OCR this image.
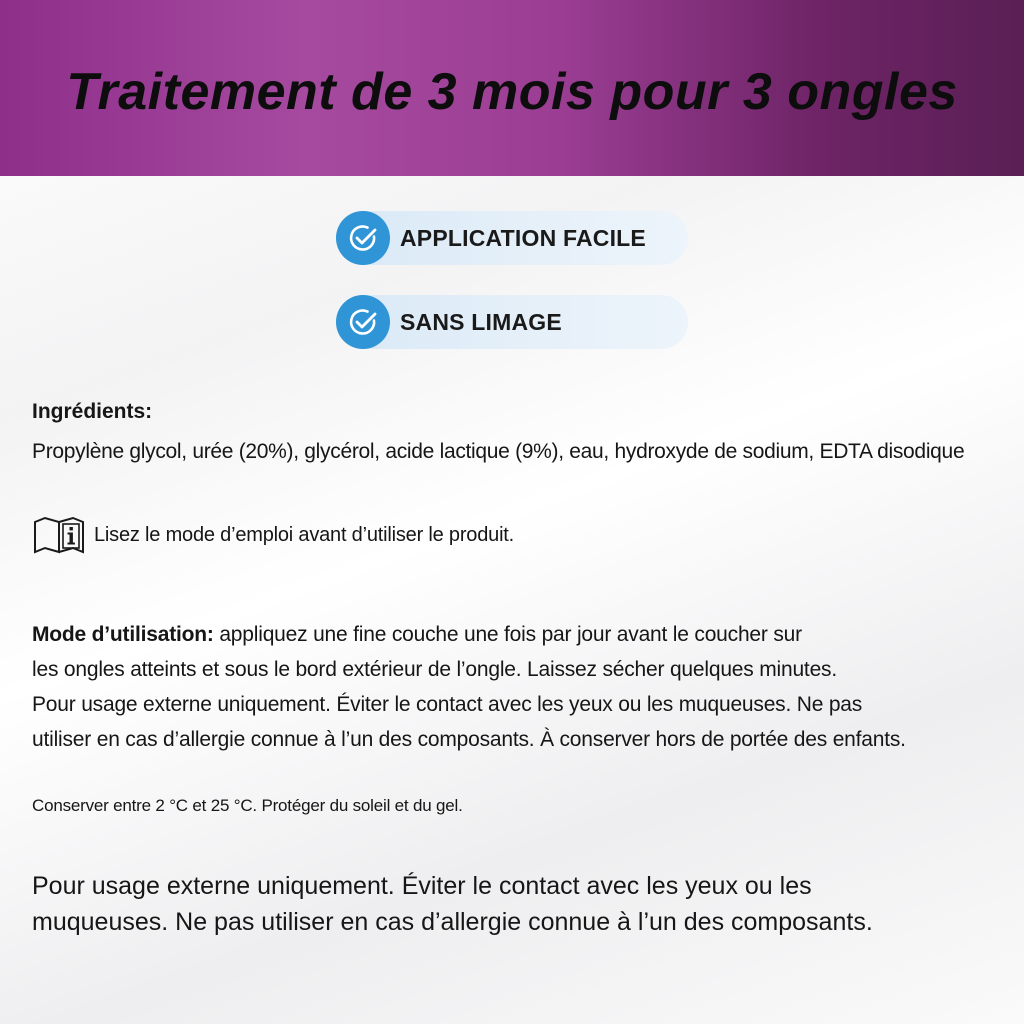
Traitement de 3 mois pour 3 ongles
APPLICATION FACILE
SANS LIMAGE
Ingrédients:
Propylène glycol, urée (20%), glycérol, acide lactique (9%), eau, hydroxyde de sodium, EDTA disodique
Lisez le mode d’emploi avant d’utiliser le produit.
Mode d’utilisation: appliquez une fine couche une fois par jour avant le coucher sur
les ongles atteints et sous le bord extérieur de l’ongle. Laissez sécher quelques minutes.
Pour usage externe uniquement. Éviter le contact avec les yeux ou les muqueuses. Ne pas
utiliser en cas d’allergie connue à l’un des composants. À conserver hors de portée des enfants.
Conserver entre 2 °C et 25 °C. Protéger du soleil et du gel.
Pour usage externe uniquement. Éviter le contact avec les yeux ou les
muqueuses. Ne pas utiliser en cas d’allergie connue à l’un des composants.
